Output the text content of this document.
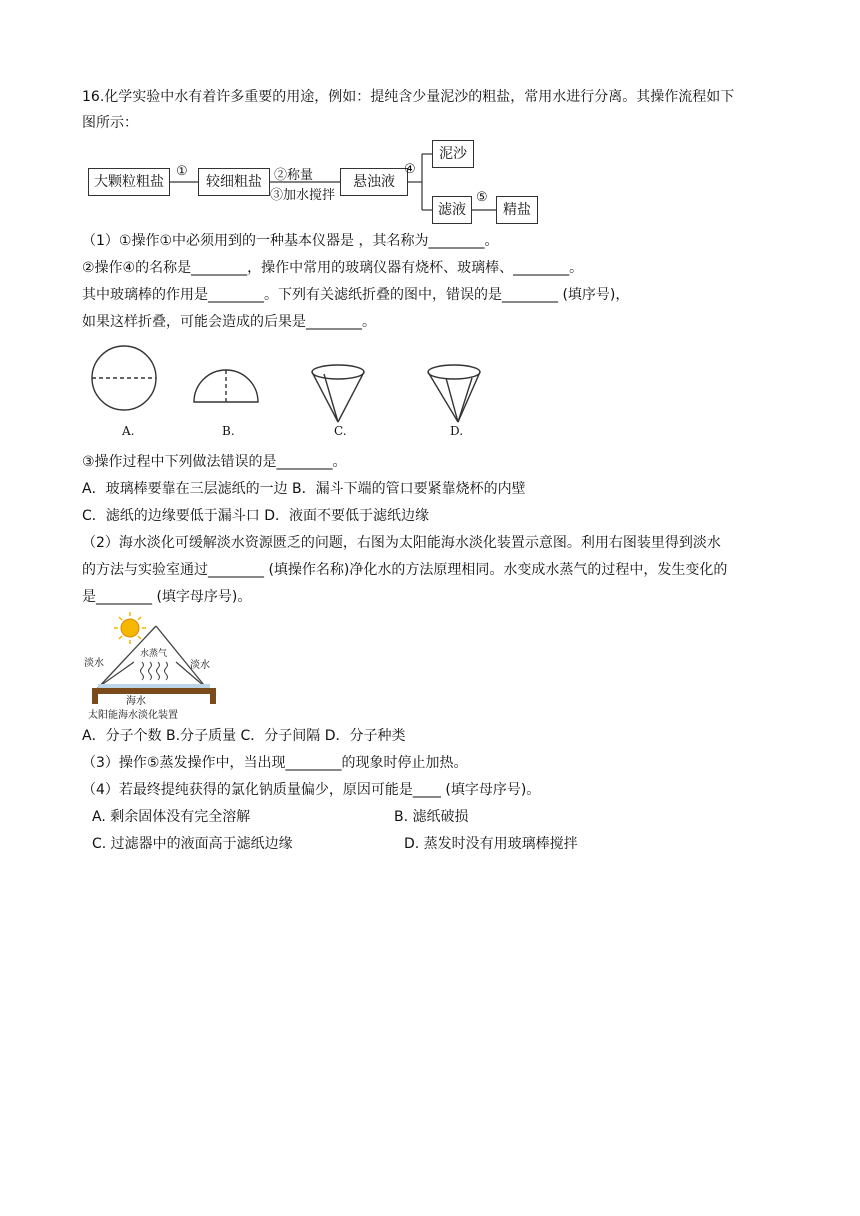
16.化学实验中水有着许多重要的用途，例如：提纯含少量泥沙的粗盐，常用水进行分离。其操作流程如下
图所示：
大颗粒粗盐
①
较细粗盐 ②称量
③加水搅拌
悬浊液
④
泥沙
滤液
⑤
精盐
（1）①操作①中必须用到的一种基本仪器是 ，其名称为________。
②操作④的名称是________，操作中常用的玻璃仪器有烧杯、玻璃棒、________。
其中玻璃棒的作用是________。下列有关滤纸折叠的图中，错误的是________ (填序号)，
如果这样折叠，可能会造成的后果是________。
A.	B.	C.	D.
③操作过程中下列做法错误的是________。
A．玻璃棒要靠在三层滤纸的一边 B．漏斗下端的管口要紧靠烧杯的内壁
C．滤纸的边缘要低于漏斗口 D．液面不要低于滤纸边缘
（2）海水淡化可缓解淡水资源匮乏的问题，右图为太阳能海水淡化装置示意图。利用右图装里得到淡水
的方法与实验室通过________ (填操作名称)净化水的方法原理相同。水变成水蒸气的过程中，发生变化的
是________ (填字母序号)。
淡水	淡水
水蒸气
海水
太阳能海水淡化装置
A．分子个数 B.分子质量 C．分子间隔 D．分子种类
（3）操作⑤蒸发操作中，当出现________的现象时停止加热。
（4）若最终提纯获得的氯化钠质量偏少，原因可能是____ (填字母序号)。
A. 剩余固体没有完全溶解	B. 滤纸破损
C. 过滤器中的液面高于滤纸边缘	D. 蒸发时没有用玻璃棒搅拌
